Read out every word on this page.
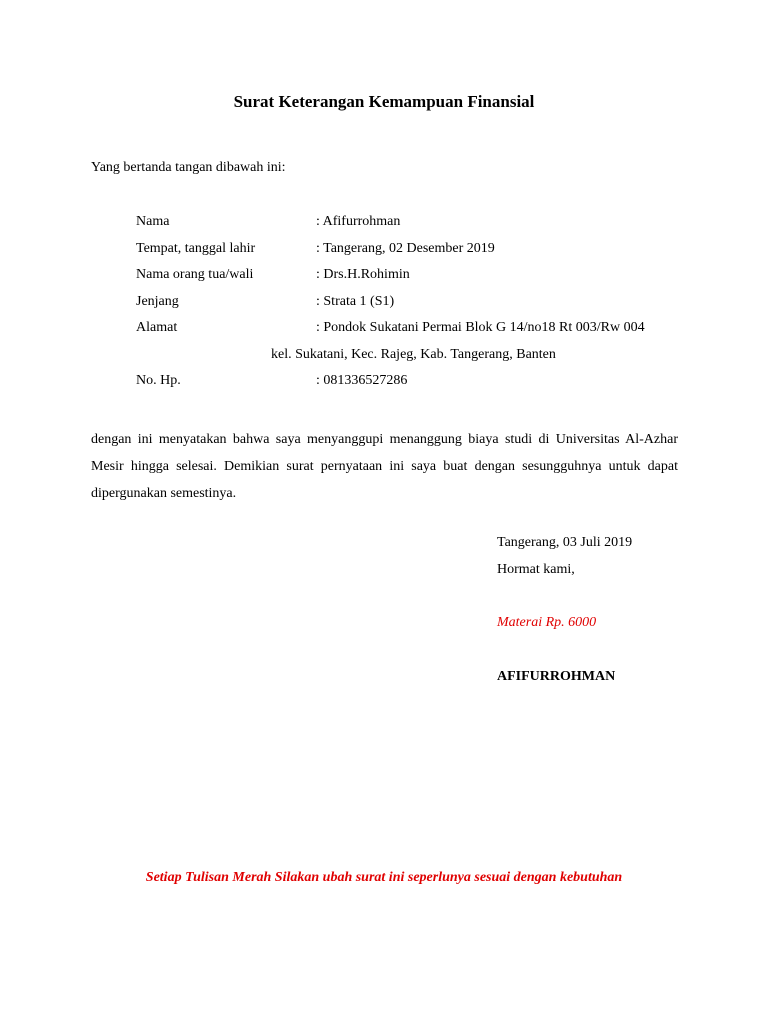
Surat Keterangan Kemampuan Finansial
Yang bertanda tangan dibawah ini:
Nama	: Afifurrohman
Tempat, tanggal lahir	: Tangerang, 02 Desember 2019
Nama orang tua/wali	: Drs.H.Rohimin
Jenjang	: Strata 1 (S1)
Alamat	: Pondok Sukatani Permai Blok G 14/no18 Rt 003/Rw 004
kel. Sukatani, Kec. Rajeg, Kab. Tangerang, Banten
No. Hp.	: 081336527286
dengan ini menyatakan bahwa saya menyanggupi menanggung biaya studi di Universitas Al-Azhar Mesir hingga selesai. Demikian surat pernyataan ini saya buat dengan sesungguhnya untuk dapat dipergunakan semestinya.
Tangerang, 03 Juli 2019
Hormat kami,
Materai Rp. 6000
AFIFURROHMAN
Setiap Tulisan Merah Silakan ubah surat ini seperlunya sesuai dengan kebutuhan
